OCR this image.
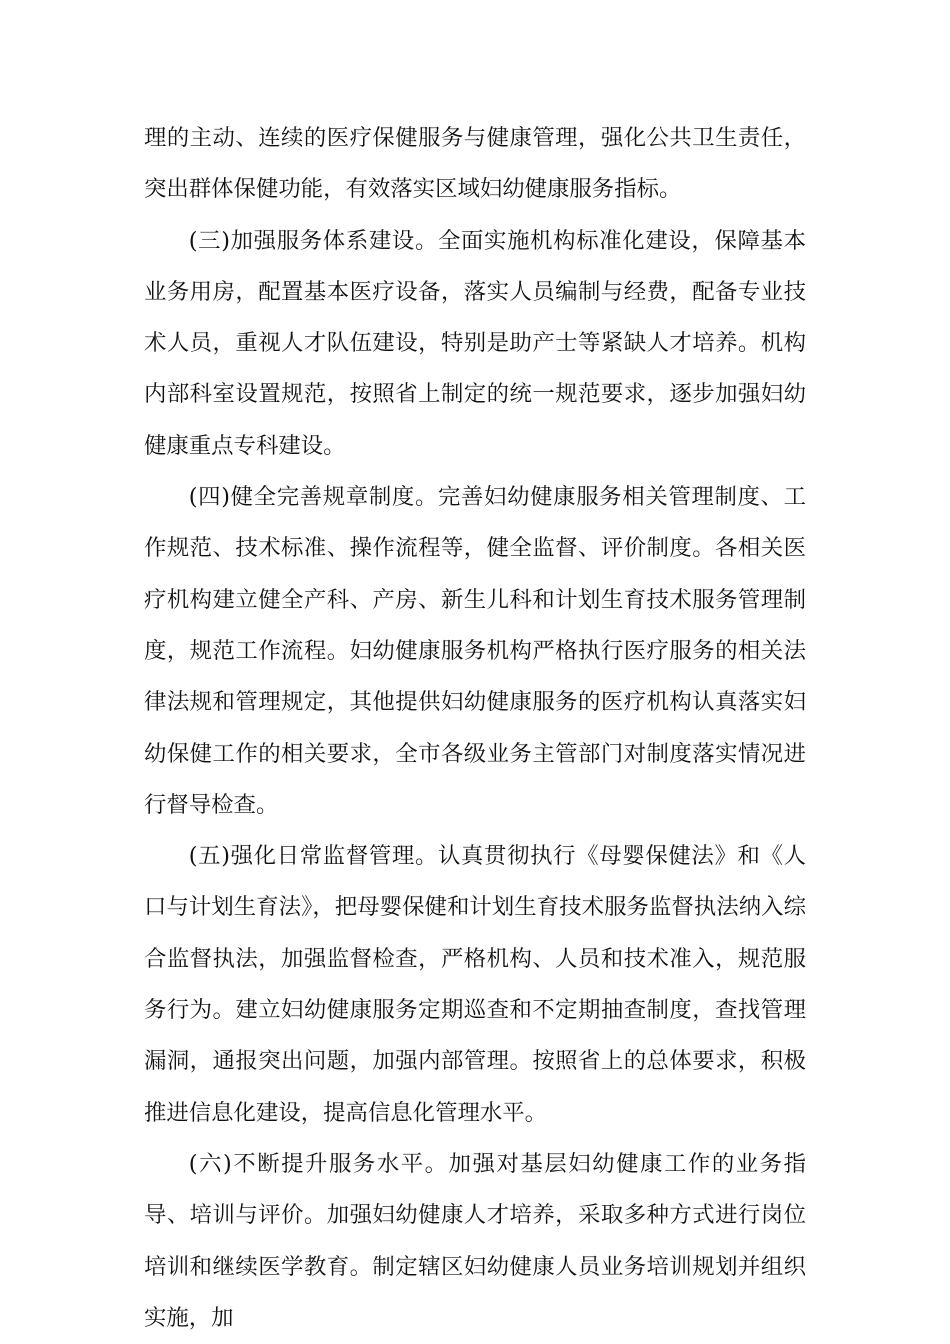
理的主动、连续的医疗保健服务与健康管理，强化公共卫生责任，突出群体保健功能，有效落实区域妇幼健康服务指标。

(三)加强服务体系建设。全面实施机构标准化建设，保障基本业务用房，配置基本医疗设备，落实人员编制与经费，配备专业技术人员，重视人才队伍建设，特别是助产士等紧缺人才培养。机构内部科室设置规范，按照省上制定的统一规范要求，逐步加强妇幼健康重点专科建设。

(四)健全完善规章制度。完善妇幼健康服务相关管理制度、工作规范、技术标准、操作流程等，健全监督、评价制度。各相关医疗机构建立健全产科、产房、新生儿科和计划生育技术服务管理制度，规范工作流程。妇幼健康服务机构严格执行医疗服务的相关法律法规和管理规定，其他提供妇幼健康服务的医疗机构认真落实妇幼保健工作的相关要求，全市各级业务主管部门对制度落实情况进行督导检查。

(五)强化日常监督管理。认真贯彻执行《母婴保健法》和《人口与计划生育法》，把母婴保健和计划生育技术服务监督执法纳入综合监督执法，加强监督检查，严格机构、人员和技术准入，规范服务行为。建立妇幼健康服务定期巡查和不定期抽查制度，查找管理漏洞，通报突出问题，加强内部管理。按照省上的总体要求，积极推进信息化建设，提高信息化管理水平。

(六)不断提升服务水平。加强对基层妇幼健康工作的业务指导、培训与评价。加强妇幼健康人才培养，采取多种方式进行岗位培训和继续医学教育。制定辖区妇幼健康人员业务培训规划并组织实施，加
